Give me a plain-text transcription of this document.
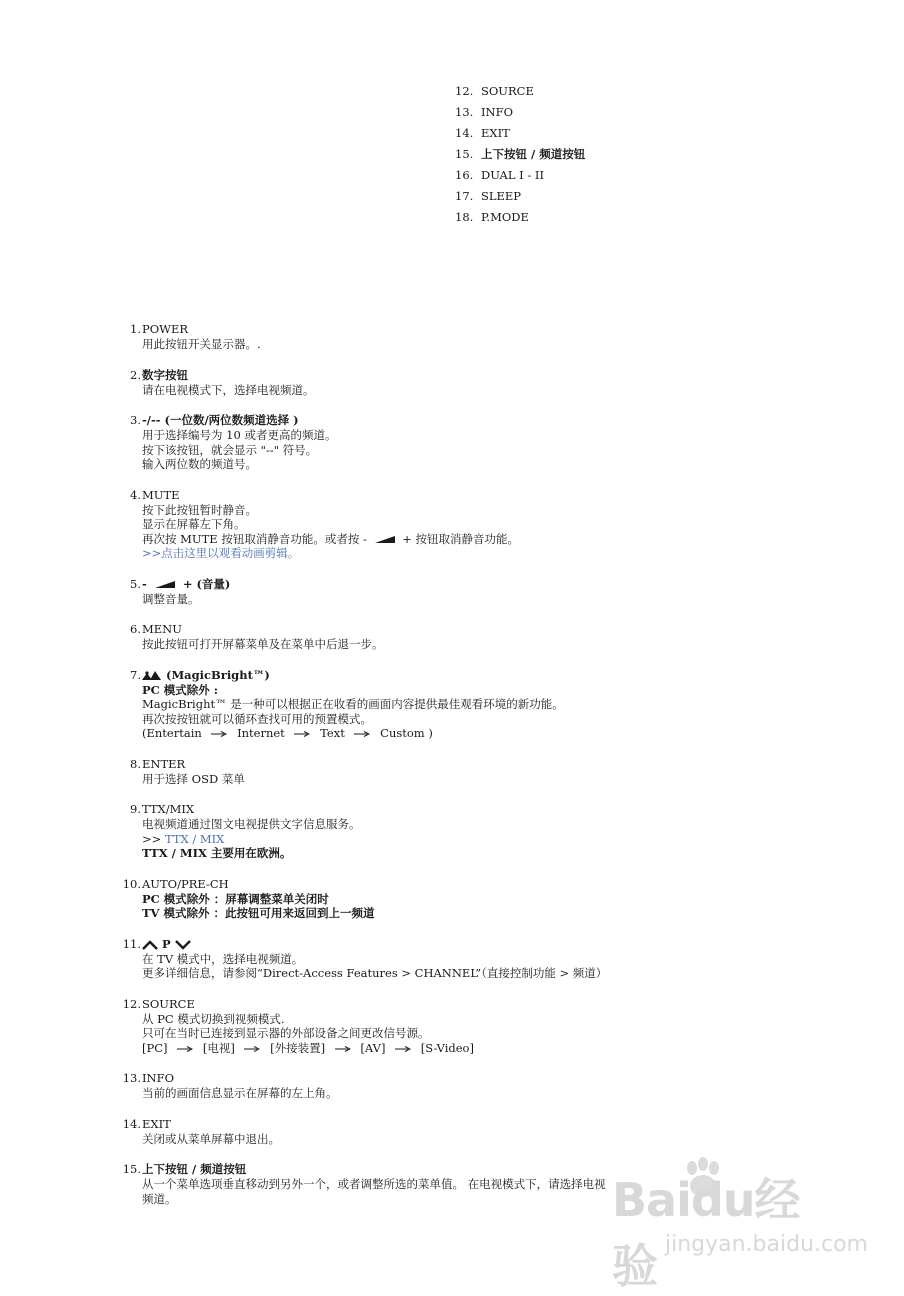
12. SOURCE
13. INFO
14. EXIT
15. 上下按钮 / 频道按钮
16. DUAL I - II
17. SLEEP
18. P.MODE
1. POWER
用此按钮开关显示器。.
2. 数字按钮
请在电视模式下，选择电视频道。
3. -/-- (一位数/两位数频道选择 )
用于选择编号为 10 或者更高的频道。
按下该按钮，就会显示 "--" 符号。
输入两位数的频道号。
4. MUTE
按下此按钮暂时静音。
显示在屏幕左下角。
再次按 MUTE 按钮取消静音功能。或者按 -	+ 按钮取消静音功能。
>>点击这里以观看动画剪辑。
5. -	+ (音量)
调整音量。
6. MENU
按此按钮可打开屏幕菜单及在菜单中后退一步。
7.	(MagicBright™)
PC 模式除外 :
MagicBright™ 是一种可以根据正在收看的画面内容提供最佳观看环境的新功能。
再次按按钮就可以循环查找可用的预置模式。
(Entertain	Internet	Text	Custom )
8. ENTER
用于选择 OSD 菜单
9. TTX/MIX
电视频道通过图文电视提供文字信息服务。
>> TTX / MIX
TTX / MIX 主要用在欧洲。
10. AUTO/PRE-CH
PC 模式除外 ：屏幕调整菜单关闭时
TV 模式除外 ：此按钮可用来返回到上一频道
11.	P
在 TV 模式中，选择电视频道。
更多详细信息，请参阅“Direct-Access Features > CHANNEL”（直接控制功能 > 频道）
12. SOURCE
从 PC 模式切换到视频模式.
只可在当时已连接到显示器的外部设备之间更改信号源。
[PC]	[电视]	[外接装置]	[AV]	[S-Video]
13. INFO
当前的画面信息显示在屏幕的左上角。
14. EXIT
关闭或从菜单屏幕中退出。
15. 上下按钮 / 频道按钮
从一个菜单选项垂直移动到另外一个，或者调整所选的菜单值。 在电视模式下，请选择电视
频道。	Baidu经验 jingyan.baidu.com
